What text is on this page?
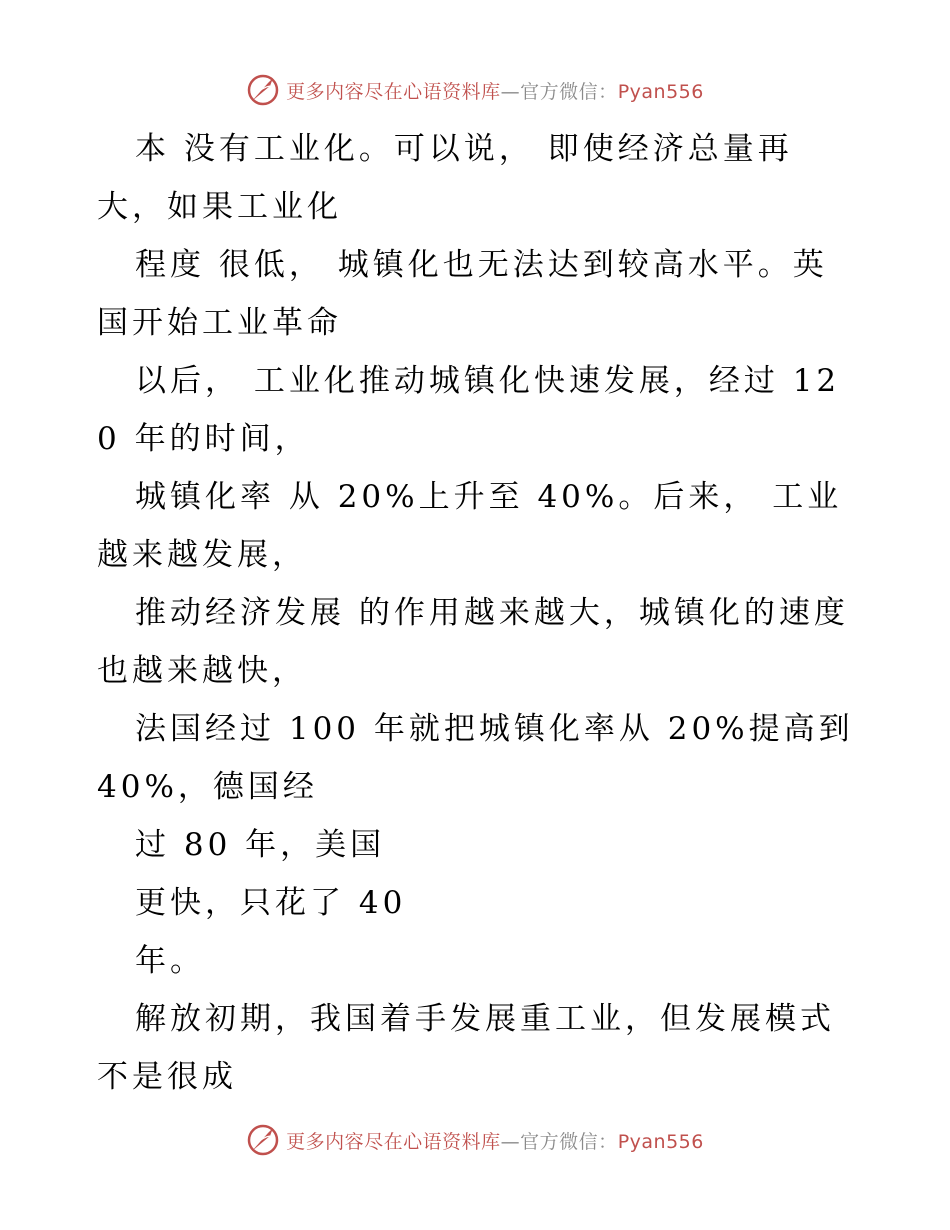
更多内容尽在心语资料库—官方微信：Pyan556

本 没有工业化。可以说， 即使经济总量再大，如果工业化

程度 很低， 城镇化也无法达到较高水平。英国开始工业革命

以后， 工业化推动城镇化快速发展，经过 120 年的时间，

城镇化率 从 20%上升至 40%。后来， 工业越来越发展，

推动经济发展 的作用越来越大，城镇化的速度也越来越快，

法国经过 100 年就把城镇化率从 20%提高到 40%，德国经

过 80 年，美国

更快，只花了 40

年。

解放初期，我国着手发展重工业，但发展模式不是很成

更多内容尽在心语资料库—官方微信：Pyan556
